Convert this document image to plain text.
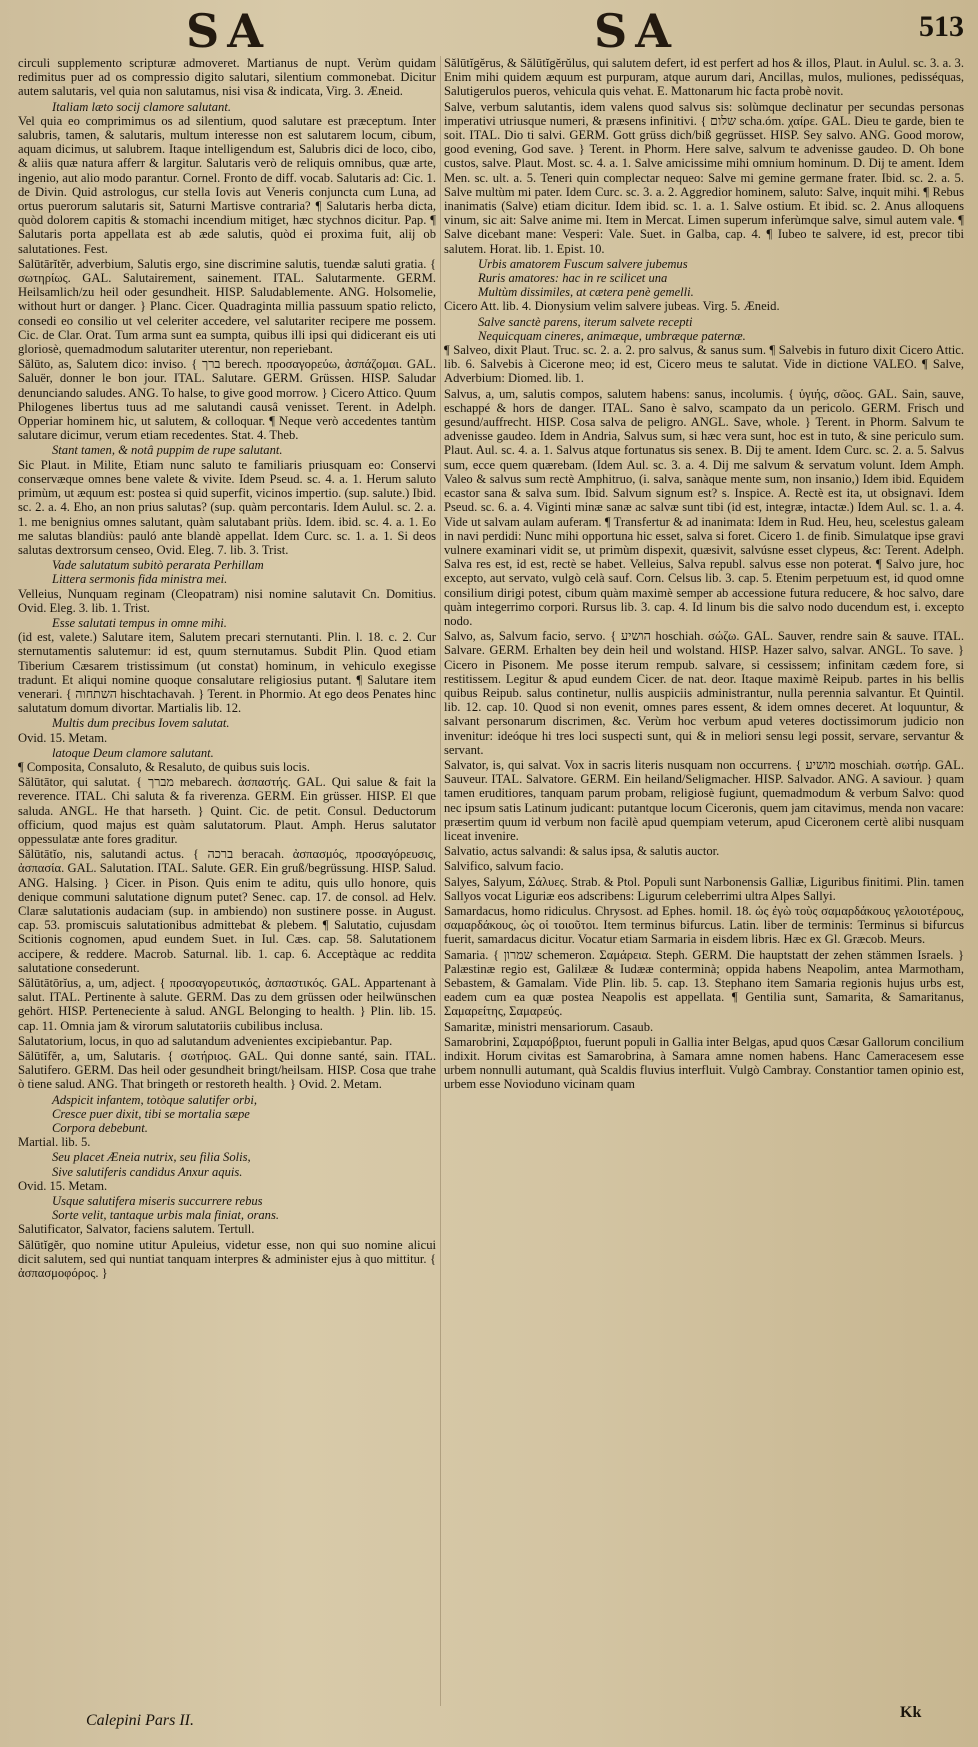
SA	SA	513

circuli supplemento scripturæ admoveret. Martianus de nupt. Verùm quidam redimitus puer ad os compressio digito salutari, silentium commonebat. Dicitur autem salutaris, vel quia non salutamus, nisi visa & indicata, Virg. 3. Æneid.

Italiam læto socij clamore salutant.

Vel quia eo comprimimus os ad silentium, quod salutare est præceptum. Inter salubris, tamen, & salutaris, multum interesse non est salutarem locum, cibum, aquam dicimus, ut salubrem. Itaque intelligendum est, Salubris dici de loco, cibo, & aliis quæ natura afferr & largitur. Salutaris verò de reliquis omnibus, quæ arte, ingenio, aut alio modo parantur. Cornel. Fronto de diff. vocab. Salutaris ad: Cic. 1. de Divin. Quid astrologus, cur stella Iovis aut Veneris conjuncta cum Luna, ad ortus puerorum salutaris sit, Saturni Martisve contraria? ¶ Salutaris herba dicta, quòd dolorem capitis & stomachi incendium mitiget, hæc stychnos dicitur. Pap. ¶ Salutaris porta appellata est ab æde salutis, quòd ei proxima fuit, alij ob salutationes. Fest.

Salūtārĭtĕr, adverbium, Salutis ergo, sine discrimine salutis, tuendæ saluti gratia. { σωτηρίως. GAL. Salutairement, sainement. ITAL. Salutarmente. GERM. Heilsamlich/zu heil oder gesundheit. HISP. Saludablemente. ANG. Holsomelie, without hurt or danger. } Planc. Cicer. Quadraginta millia passuum spatio relicto, consedi eo consilio ut vel celeriter accedere, vel salutariter recipere me possem. Cic. de Clar. Orat. Tum arma sunt ea sumpta, quibus illi ipsi qui didicerant eis uti gloriosè, quemadmodum salutariter uterentur, non reperiebant.

Sălūto, as, Salutem dico: inviso. { ברך berech. προσαγορεύω, ἀσπάζομαι. GAL. Saluër, donner le bon jour. ITAL. Salutare. GERM. Grüssen. HISP. Saludar denunciando saludes. ANG. To halse, to give good morrow. } Cicero Attico. Quum Philogenes libertus tuus ad me salutandi causâ venisset. Terent. in Adelph. Opperiar hominem hic, ut salutem, & colloquar. ¶ Neque verò accedentes tantùm salutare dicimur, verum etiam recedentes. Stat. 4. Theb.

Stant tamen, & notâ puppim de rupe salutant.

Sic Plaut. in Milite, Etiam nunc saluto te familiaris priusquam eo: Conservi conservæque omnes bene valete & vivite. Idem Pseud. sc. 4. a. 1. Herum saluto primùm, ut æquum est: postea si quid superfit, vicinos impertio. (sup. salute.) Ibid. sc. 2. a. 4. Eho, an non prius salutas? (sup. quàm percontaris. Idem Aulul. sc. 2. a. 1. me benignius omnes salutant, quàm salutabant priùs. Idem. ibid. sc. 4. a. 1. Eo me salutas blandiùs: pauló ante blandè appellat. Idem Curc. sc. 1. a. 1. Si deos salutas dextrorsum censeo, Ovid. Eleg. 7. lib. 3. Trist.

Vade salutatum subitò perarata Perhillam

Littera sermonis fida ministra mei.

Velleius, Nunquam reginam (Cleopatram) nisi nomine salutavit Cn. Domitius. Ovid. Eleg. 3. lib. 1. Trist.

Esse salutati tempus in omne mihi.

(id est, valete.) Salutare item, Salutem precari sternutanti. Plin. l. 18. c. 2. Cur sternutamentis salutemur: id est, quum sternutamus. Subdit Plin. Quod etiam Tiberium Cæsarem tristissimum (ut constat) hominum, in vehiculo exegisse tradunt. Et aliqui nomine quoque consalutare religiosius putant. ¶ Salutare item venerari. { השתחוה hischtachavah. } Terent. in Phormio. At ego deos Penates hinc salutatum domum divortar. Martialis lib. 12.

Multis dum precibus Iovem salutat.

Ovid. 15. Metam.

latoque Deum clamore salutant.

¶ Composita, Consaluto, & Resaluto, de quibus suis locis.

Sălūtātor, qui salutat. { מברך mebarech. ἀσπαστής. GAL. Qui salue & fait la reverence. ITAL. Chi saluta & fa riverenza. GERM. Ein grüsser. HISP. El que saluda. ANGL. He that harseth. } Quint. Cic. de petit. Consul. Deductorum officium, quod majus est quàm salutatorum. Plaut. Amph. Herus salutator oppessulatæ ante fores graditur.

Sălūtātĭo, nis, salutandi actus. { ברכה beracah. ἀσπασμός, προσαγόρευσις, ἀσπασία. GAL. Salutation. ITAL. Salute. GER. Ein gruß/begrüssung. HISP. Salud. ANG. Halsing. } Cicer. in Pison. Quis enim te aditu, quis ullo honore, quis denique communi salutatione dignum putet? Senec. cap. 17. de consol. ad Helv. Claræ salutationis audaciam (sup. in ambiendo) non sustinere posse. in August. cap. 53. promiscuis salutationibus admittebat & plebem. ¶ Salutatio, cujusdam Scitionis cognomen, apud eundem Suet. in Iul. Cæs. cap. 58. Salutationem accipere, & reddere. Macrob. Saturnal. lib. 1. cap. 6. Acceptàque ac reddita salutatione consederunt.

Sălūtātōrĭus, a, um, adject. { προσαγορευτικός, ἀσπαστικός. GAL. Appartenant à salut. ITAL. Pertinente à salute. GERM. Das zu dem grüssen oder heilwünschen gehört. HISP. Perteneciente à salud. ANGL Belonging to health. } Plin. lib. 15. cap. 11. Omnia jam & virorum salutatoriis cubilibus inclusa.

Salutatorium, locus, in quo ad salutandum advenientes excipiebantur. Pap.

Sălūtĭfĕr, a, um, Salutaris. { σωτήριος. GAL. Qui donne santé, sain. ITAL. Salutifero. GERM. Das heil oder gesundheit bringt/heilsam. HISP. Cosa que trahe ò tiene salud. ANG. That bringeth or restoreth health. } Ovid. 2. Metam.

Adspicit infantem, totòque salutifer orbi,

Cresce puer dixit, tibi se mortalia sæpe

Corpora debebunt.

Martial. lib. 5.

Seu placet Æneia nutrix, seu filia Solis,

Sive salutiferis candidus Anxur aquis.

Ovid. 15. Metam.

Usque salutifera miseris succurrere rebus

Sorte velit, tantaque urbis mala finiat, orans.

Salutificator, Salvator, faciens salutem. Tertull.

Sălūtĭgĕr, quo nomine utitur Apuleius, videtur esse, non qui suo nomine alicui dicit salutem, sed qui nuntiat tanquam interpres & administer ejus à quo mittitur. { ἀσπασμοφόρος. }

Sălūtĭgĕrus, & Sălūtĭgĕrŭlus, qui salutem defert, id est perfert ad hos & illos, Plaut. in Aulul. sc. 3. a. 3. Enim mihi quidem æquum est purpuram, atque aurum dari, Ancillas, mulos, muliones, pedisséquas, Salutigerulos pueros, vehicula quis vehat. E. Mattonarum hic facta probè novit.

Salve, verbum salutantis, idem valens quod salvus sis: solùmque declinatur per secundas personas imperativi utriusque numeri, & præsens infinitivi. { שלום scha.óm. χαίρε. GAL. Dieu te garde, bien te soit. ITAL. Dio ti salvi. GERM. Gott grüss dich/biß gegrüsset. HISP. Sey salvo. ANG. Good morow, good evening, God save. } Terent. in Phorm. Here salve, salvum te advenisse gaudeo. D. Oh bone custos, salve. Plaut. Most. sc. 4. a. 1. Salve amicissime mihi omnium hominum. D. Dij te ament. Idem Men. sc. ult. a. 5. Teneri quin complectar nequeo: Salve mi gemine germane frater. Ibid. sc. 2. a. 5. Salve multùm mi pater. Idem Curc. sc. 3. a. 2. Aggredior hominem, saluto: Salve, inquit mihi. ¶ Rebus inanimatis (Salve) etiam dicitur. Idem ibid. sc. 1. a. 1. Salve ostium. Et ibid. sc. 2. Anus alloquens vinum, sic ait: Salve anime mi. Item in Mercat. Limen superum inferùmque salve, simul autem vale. ¶ Salve dicebant mane: Vesperi: Vale. Suet. in Galba, cap. 4. ¶ Iubeo te salvere, id est, precor tibi salutem. Horat. lib. 1. Epist. 10.

Urbis amatorem Fuscum salvere jubemus

Ruris amatores: hac in re scilicet una

Multùm dissimiles, at cætera penè gemelli.

Cicero Att. lib. 4. Dionysium velim salvere jubeas. Virg. 5. Æneid.

Salve sanctè parens, iterum salvete recepti

Nequicquam cineres, animæque, umbræque paternæ.

¶ Salveo, dixit Plaut. Truc. sc. 2. a. 2. pro salvus, & sanus sum. ¶ Salvebis in futuro dixit Cicero Attic. lib. 6. Salvebis à Cicerone meo; id est, Cicero meus te salutat. Vide in dictione VALEO. ¶ Salve, Adverbium: Diomed. lib. 1.

Salvus, a, um, salutis compos, salutem habens: sanus, incolumis. { ὑγιής, σῶος. GAL. Sain, sauve, eschappé & hors de danger. ITAL. Sano è salvo, scampato da un pericolo. GERM. Frisch und gesund/auffrecht. HISP. Cosa salva de peligro. ANGL. Save, whole. } Terent. in Phorm. Salvum te advenisse gaudeo. Idem in Andria, Salvus sum, si hæc vera sunt, hoc est in tuto, & sine periculo sum. Plaut. Aul. sc. 4. a. 1. Salvus atque fortunatus sis senex. B. Dij te ament. Idem Curc. sc. 2. a. 5. Salvus sum, ecce quem quærebam. (Idem Aul. sc. 3. a. 4. Dij me salvum & servatum volunt. Idem Amph. Valeo & salvus sum rectè Amphitruo, (i. salva, sanàque mente sum, non insanio,) Idem ibid. Equidem ecastor sana & salva sum. Ibid. Salvum signum est? s. Inspice. A. Rectè est ita, ut obsignavi. Idem Pseud. sc. 6. a. 4. Viginti minæ sanæ ac salvæ sunt tibi (id est, integræ, intactæ.) Idem Aul. sc. 1. a. 4. Vide ut salvam aulam auferam. ¶ Transfertur & ad inanimata: Idem in Rud. Heu, heu, scelestus galeam in navi perdidi: Nunc mihi opportuna hic esset, salva si foret. Cicero 1. de finib. Simulatque ipse gravi vulnere examinari vidit se, ut primùm dispexit, quæsivit, salvúsne esset clypeus, &c: Terent. Adelph. Salva res est, id est, rectè se habet. Velleius, Salva republ. salvus esse non poterat. ¶ Salvo jure, hoc excepto, aut servato, vulgò celà sauf. Corn. Celsus lib. 3. cap. 5. Etenim perpetuum est, id quod omne consilium dirigi potest, cibum quàm maximè semper ab accessione futura reducere, & hoc salvo, dare quàm integerrimo corpori. Rursus lib. 3. cap. 4. Id linum bis die salvo nodo ducendum est, i. excepto nodo.

Salvo, as, Salvum facio, servo. { הושיע hoschiah. σώζω. GAL. Sauver, rendre sain & sauve. ITAL. Salvare. GERM. Erhalten bey dein heil und wolstand. HISP. Hazer salvo, salvar. ANGL. To save. } Cicero in Pisonem. Me posse iterum rempub. salvare, si cessissem; infinitam cædem fore, si restitissem. Legitur & apud eundem Cicer. de nat. deor. Itaque maximè Reipub. partes in his bellis quibus Reipub. salus continetur, nullis auspiciis administrantur, nulla perennia salvantur. Et Quintil. lib. 12. cap. 10. Quod si non evenit, omnes pares essent, & idem omnes deceret. At loquuntur, & salvant personarum discrimen, &c. Verùm hoc verbum apud veteres doctissimorum judicio non invenitur: ideóque hi tres loci suspecti sunt, qui & in meliori sensu legi possit, servare, servantur & servant.

Salvator, is, qui salvat. Vox in sacris literis nusquam non occurrens. { מושיע moschiah. σωτήρ. GAL. Sauveur. ITAL. Salvatore. GERM. Ein heiland/Seligmacher. HISP. Salvador. ANG. A saviour. } quam tamen eruditiores, tanquam parum probam, religiosè fugiunt, quemadmodum & verbum Salvo: quod nec ipsum satis Latinum judicant: putantque locum Ciceronis, quem jam citavimus, menda non vacare: præsertim quum id verbum non facilè apud quempiam veterum, apud Ciceronem certè alibi nusquam liceat invenire.

Salvatio, actus salvandi: & salus ipsa, & salutis auctor.

Salvifico, salvum facio.

Salyes, Salyum, Σάλυες. Strab. & Ptol. Populi sunt Narbonensis Galliæ, Liguribus finitimi. Plin. tamen Sallyos vocat Liguriæ eos adscribens: Ligurum celeberrimi ultra Alpes Sallyi.

Samardacus, homo ridiculus. Chrysost. ad Ephes. homil. 18. ὡς ἐγὼ τοὺς σαμαρδάκους γελοιοτέρους, σαμαρδάκους, ὡς οἱ τοιοῦτοι. Item terminus bifurcus. Latin. liber de terminis: Terminus si bifurcus fuerit, samardacus dicitur. Vocatur etiam Sarmaria in eisdem libris. Hæc ex Gl. Græcob. Meurs.

Samaria. { שמרון schemeron. Σαμάρεια. Steph. GERM. Die hauptstatt der zehen stämmen Israels. } Palæstinæ regio est, Galilææ & Iudææ conterminà; oppida habens Neapolim, antea Marmotham, Sebastem, & Gamalam. Vide Plin. lib. 5. cap. 13. Stephano item Samaria regionis hujus urbs est, eadem cum ea quæ postea Neapolis est appellata. ¶ Gentilia sunt, Samarita, & Samaritanus, Σαμαρείτης, Σαμαρεύς.

Samaritæ, ministri mensariorum. Casaub.

Samarobrini, Σαμαρόβριοι, fuerunt populi in Gallia inter Belgas, apud quos Cæsar Gallorum concilium indixit. Horum civitas est Samarobrina, à Samara amne nomen habens. Hanc Cameracesem esse urbem nonnulli autumant, quà Scaldis fluvius interfluit. Vulgò Cambray. Constantior tamen opinio est, urbem esse Novioduno vicinam quam

Calepini Pars II.	Kk
